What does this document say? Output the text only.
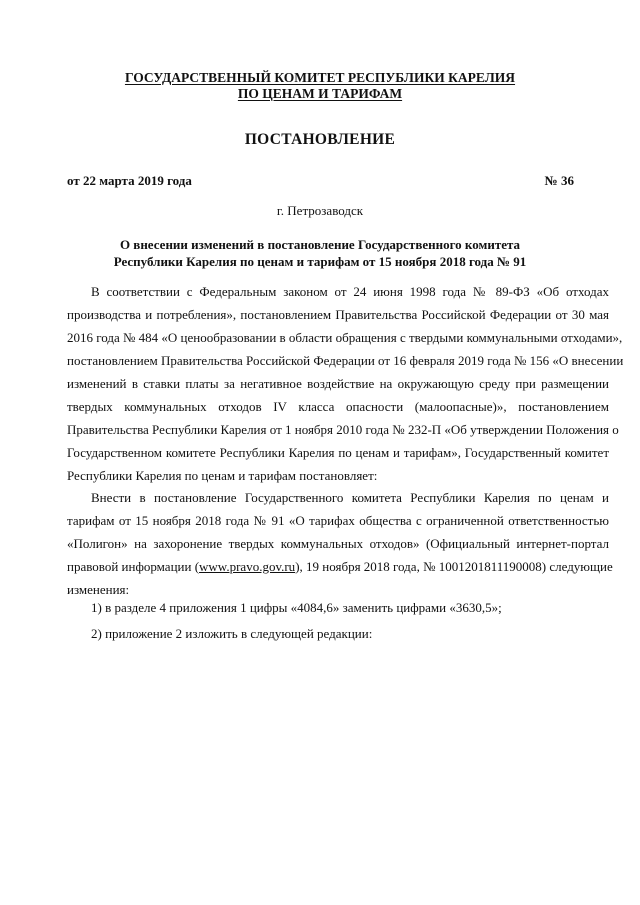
ГОСУДАРСТВЕННЫЙ КОМИТЕТ РЕСПУБЛИКИ КАРЕЛИЯ
ПО ЦЕНАМ И ТАРИФАМ
ПОСТАНОВЛЕНИЕ
от 22 марта 2019 года	№ 36
г. Петрозаводск
О внесении изменений в постановление Государственного комитета
Республики Карелия по ценам и тарифам от 15 ноября 2018 года № 91
В соответствии с Федеральным законом от 24 июня 1998 года № 89-ФЗ «Об отходах
производства и потребления», постановлением Правительства Российской Федерации от 30 мая
2016 года № 484 «О ценообразовании в области обращения с твердыми коммунальными отходами»,
постановлением Правительства Российской Федерации от 16 февраля 2019 года № 156 «О внесении
изменений в ставки платы за негативное воздействие на окружающую среду при размещении
твердых коммунальных отходов IV класса опасности (малоопасные)», постановлением
Правительства Республики Карелия от 1 ноября 2010 года № 232-П «Об утверждении Положения о
Государственном комитете Республики Карелия по ценам и тарифам», Государственный комитет
Республики Карелия по ценам и тарифам постановляет:
Внести в постановление Государственного комитета Республики Карелия по ценам и
тарифам от 15 ноября 2018 года № 91 «О тарифах общества с ограниченной ответственностью
«Полигон» на захоронение твердых коммунальных отходов» (Официальный интернет-портал
правовой информации (www.pravo.gov.ru), 19 ноября 2018 года, № 1001201811190008) следующие
изменения:
1) в разделе 4 приложения 1 цифры «4084,6» заменить цифрами «3630,5»;
2) приложение 2 изложить в следующей редакции:
